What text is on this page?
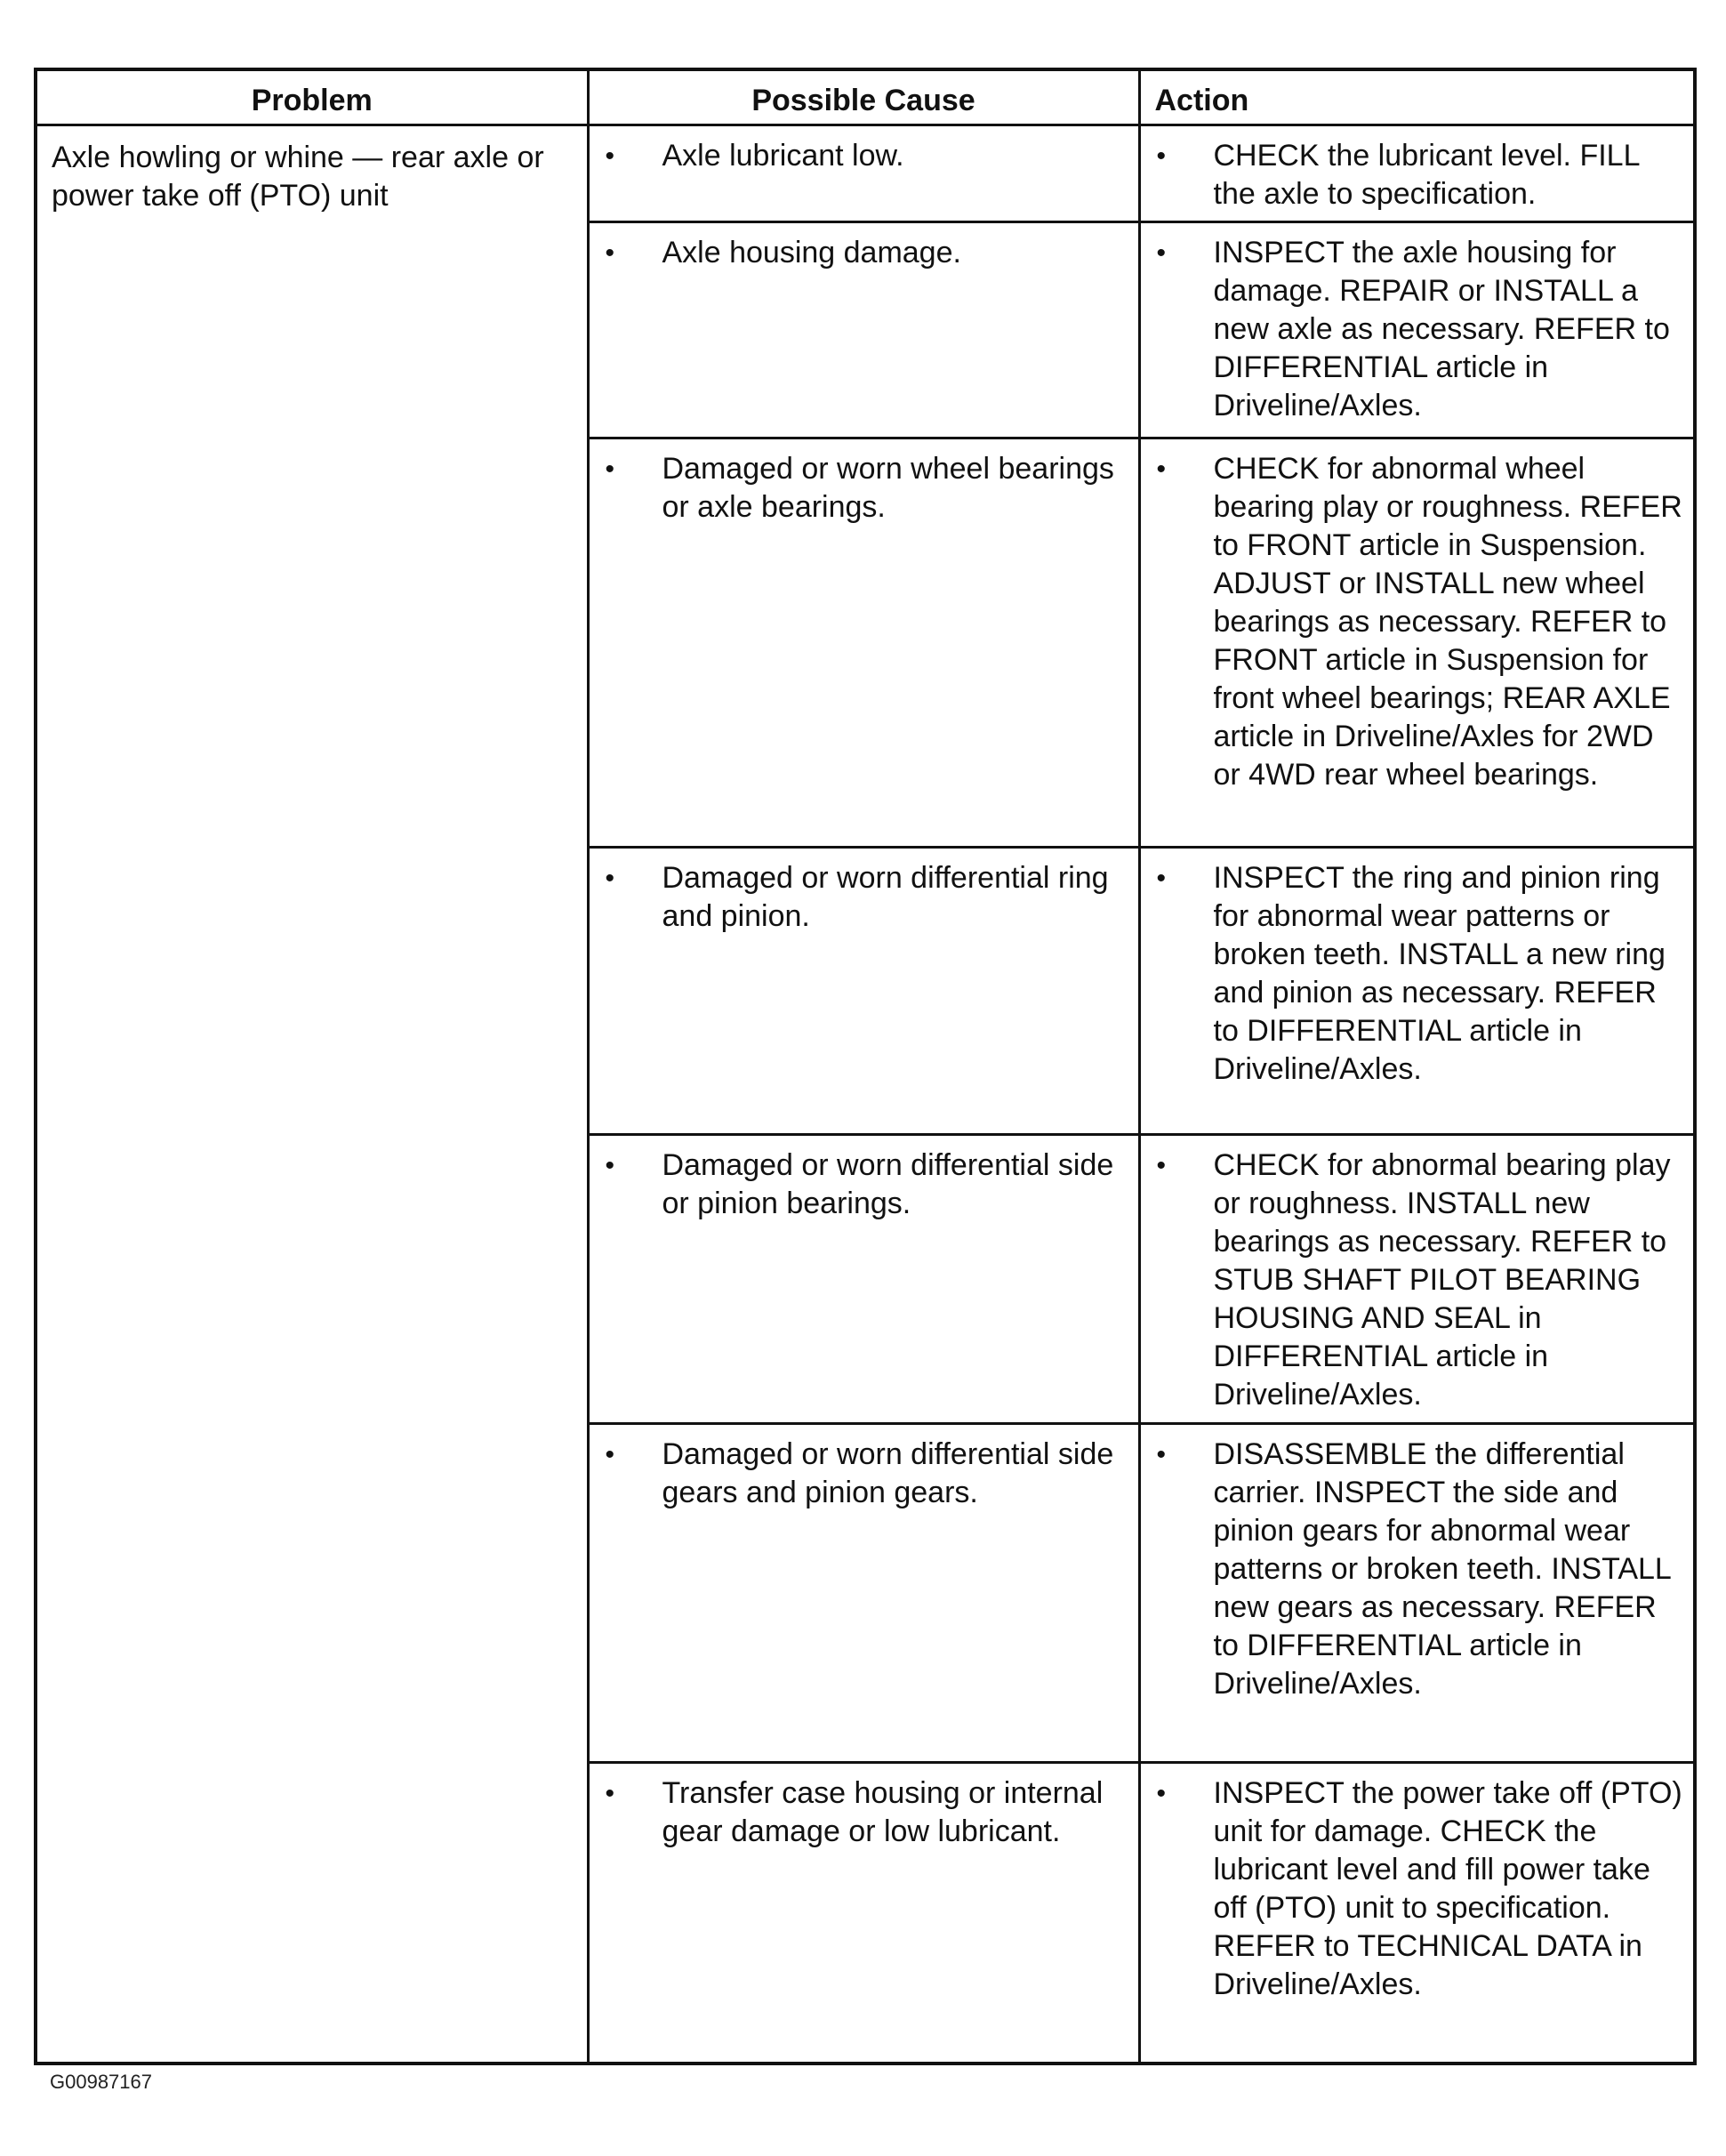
Problem	Possible Cause	Action
Axle howling or whine — rear axle or power take off (PTO) unit	• Axle lubricant low.	• CHECK the lubricant level. FILL the axle to specification.

	• Axle housing damage.	• INSPECT the axle housing for damage. REPAIR or INSTALL a new axle as necessary. REFER to DIFFERENTIAL article in Driveline/Axles.

	• Damaged or worn wheel bearings or axle bearings.	• CHECK for abnormal wheel bearing play or roughness. REFER to FRONT article in Suspension. ADJUST or INSTALL new wheel bearings as necessary. REFER to FRONT article in Suspension for front wheel bearings; REAR AXLE article in Driveline/Axles for 2WD or 4WD rear wheel bearings.

	• Damaged or worn differential ring and pinion.	• INSPECT the ring and pinion ring for abnormal wear patterns or broken teeth. INSTALL a new ring and pinion as necessary. REFER to DIFFERENTIAL article in Driveline/Axles.

	• Damaged or worn differential side or pinion bearings.	• CHECK for abnormal bearing play or roughness. INSTALL new bearings as necessary. REFER to STUB SHAFT PILOT BEARING HOUSING AND SEAL in DIFFERENTIAL article in Driveline/Axles.

	• Damaged or worn differential side gears and pinion gears.	• DISASSEMBLE the differential carrier. INSPECT the side and pinion gears for abnormal wear patterns or broken teeth. INSTALL new gears as necessary. REFER to DIFFERENTIAL article in Driveline/Axles.

	• Transfer case housing or internal gear damage or low lubricant.	• INSPECT the power take off (PTO) unit for damage. CHECK the lubricant level and fill power take off (PTO) unit to specification. REFER to TECHNICAL DATA in Driveline/Axles.
G00987167
